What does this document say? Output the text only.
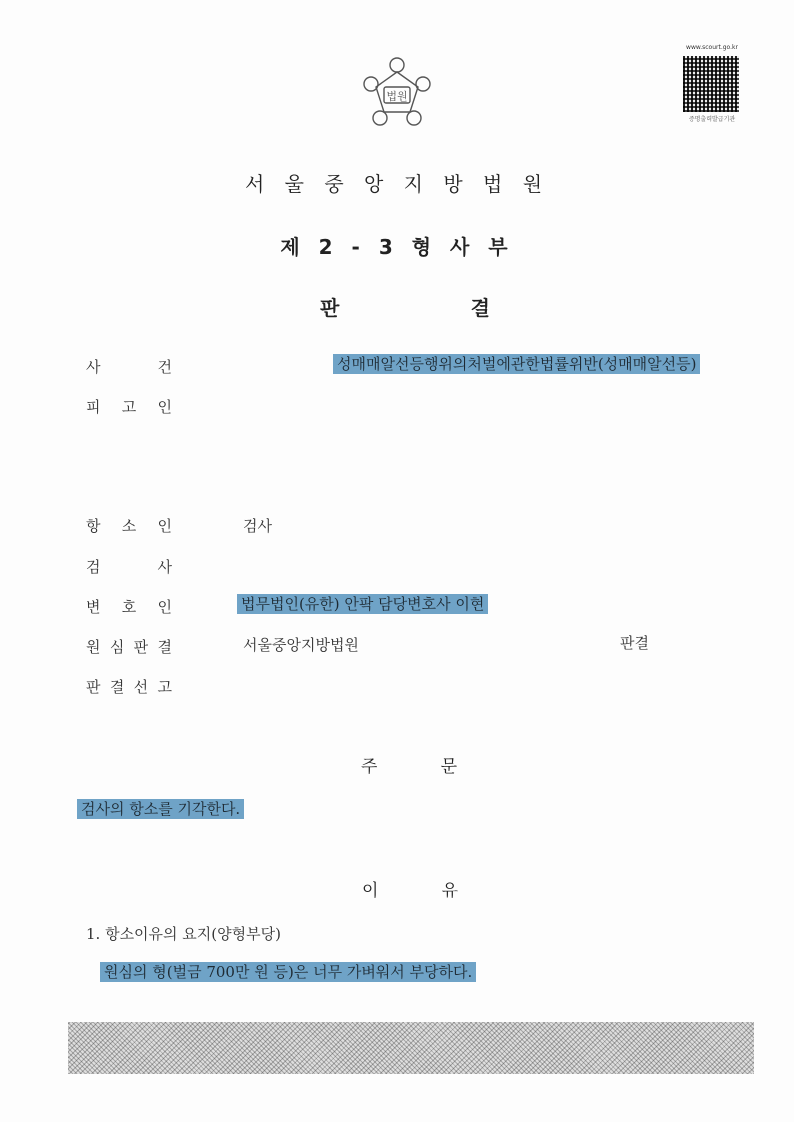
법원
www.scourt.go.kr
증명출력발급기관
서 울 중 앙 지 방 법 원
제 2 - 3 형 사 부
판	결
사	건	성매매알선등행위의처벌에관한법률위반(성매매알선등)
피 고 인
항 소 인	검사
검	사
변 호 인	법무법인(유한) 안팍 담당변호사 이현
원 심 판 결	서울중앙지방법원	판결
판 결 선 고
주	문
검사의 항소를 기각한다.
이	유
1. 항소이유의 요지(양형부당)
원심의 형(벌금 700만 원 등)은 너무 가벼워서 부당하다.
